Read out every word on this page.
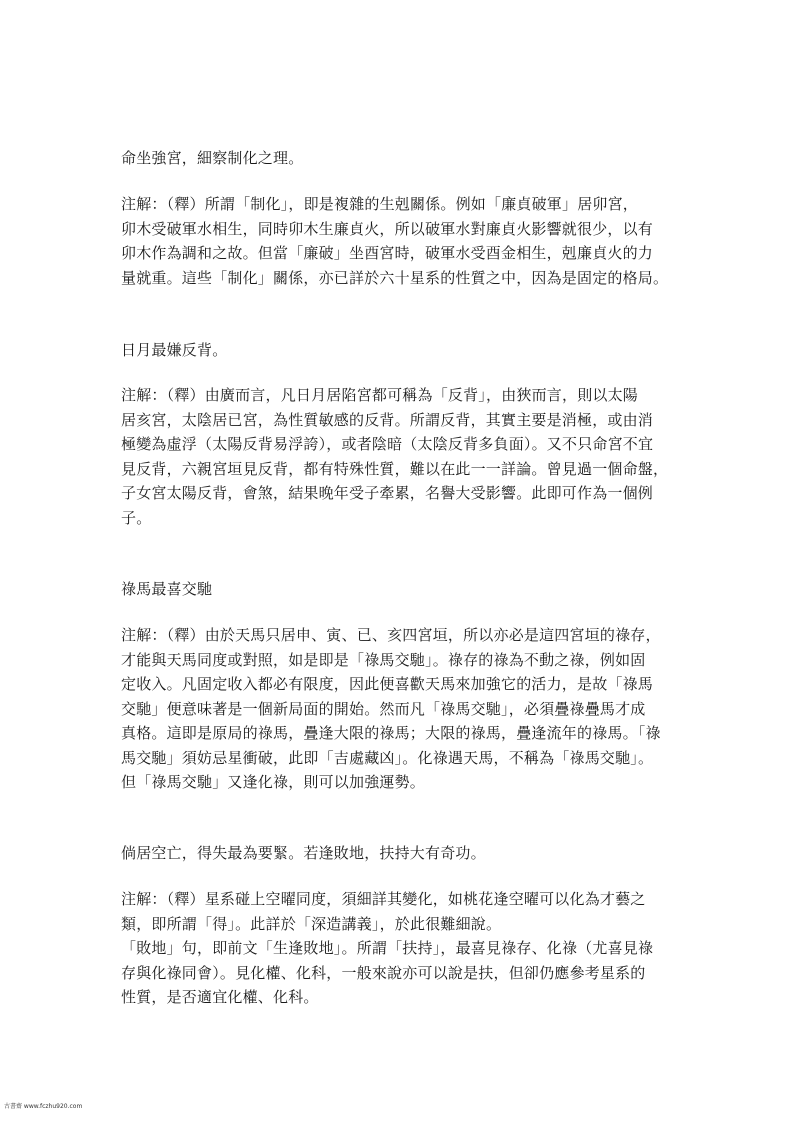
命坐強宮，細察制化之理。
注解：（釋）所謂「制化」，即是複雜的生剋關係。例如「廉貞破軍」居卯宮，
卯木受破軍水相生，同時卯木生廉貞火，所以破軍水對廉貞火影響就很少，以有
卯木作為調和之故。但當「廉破」坐酉宮時，破軍水受酉金相生，剋廉貞火的力
量就重。這些「制化」關係，亦已詳於六十星系的性質之中，因為是固定的格局。
日月最嫌反背。
注解：（釋）由廣而言，凡日月居陷宮都可稱為「反背」，由狹而言，則以太陽
居亥宮，太陰居已宮，為性質敏感的反背。所謂反背，其實主要是消極，或由消
極變為虛浮（太陽反背易浮誇），或者陰暗（太陰反背多負面）。又不只命宮不宜
見反背，六親宮垣見反背，都有特殊性質，難以在此一一詳論。曾見過一個命盤，
子女宮太陽反背，會煞，結果晚年受子牽累，名譽大受影響。此即可作為一個例
子。
祿馬最喜交馳
注解：（釋）由於天馬只居申、寅、已、亥四宮垣，所以亦必是這四宮垣的祿存，
才能與天馬同度或對照，如是即是「祿馬交馳」。祿存的祿為不動之祿，例如固
定收入。凡固定收入都必有限度，因此便喜歡天馬來加強它的活力，是故「祿馬
交馳」便意味著是一個新局面的開始。然而凡「祿馬交馳」，必須疊祿疊馬才成
真格。這即是原局的祿馬，疊逢大限的祿馬；大限的祿馬，疊逢流年的祿馬。「祿
馬交馳」須妨忌星衝破，此即「吉處藏凶」。化祿遇天馬，不稱為「祿馬交馳」。
但「祿馬交馳」又逢化祿，則可以加強運勢。
倘居空亡，得失最為要緊。若逢敗地，扶持大有奇功。
注解：（釋）星系碰上空曜同度，須細詳其變化，如桃花逢空曜可以化為才藝之
類，即所謂「得」。此詳於「深造講義」，於此很難細說。
「敗地」句，即前文「生逢敗地」。所謂「扶持」，最喜見祿存、化祿（尤喜見祿
存與化祿同會）。見化權、化科，一般來說亦可以說是扶，但卻仍應參考星系的
性質，是否適宜化權、化科。
古書齋 www.fczhu920.com
